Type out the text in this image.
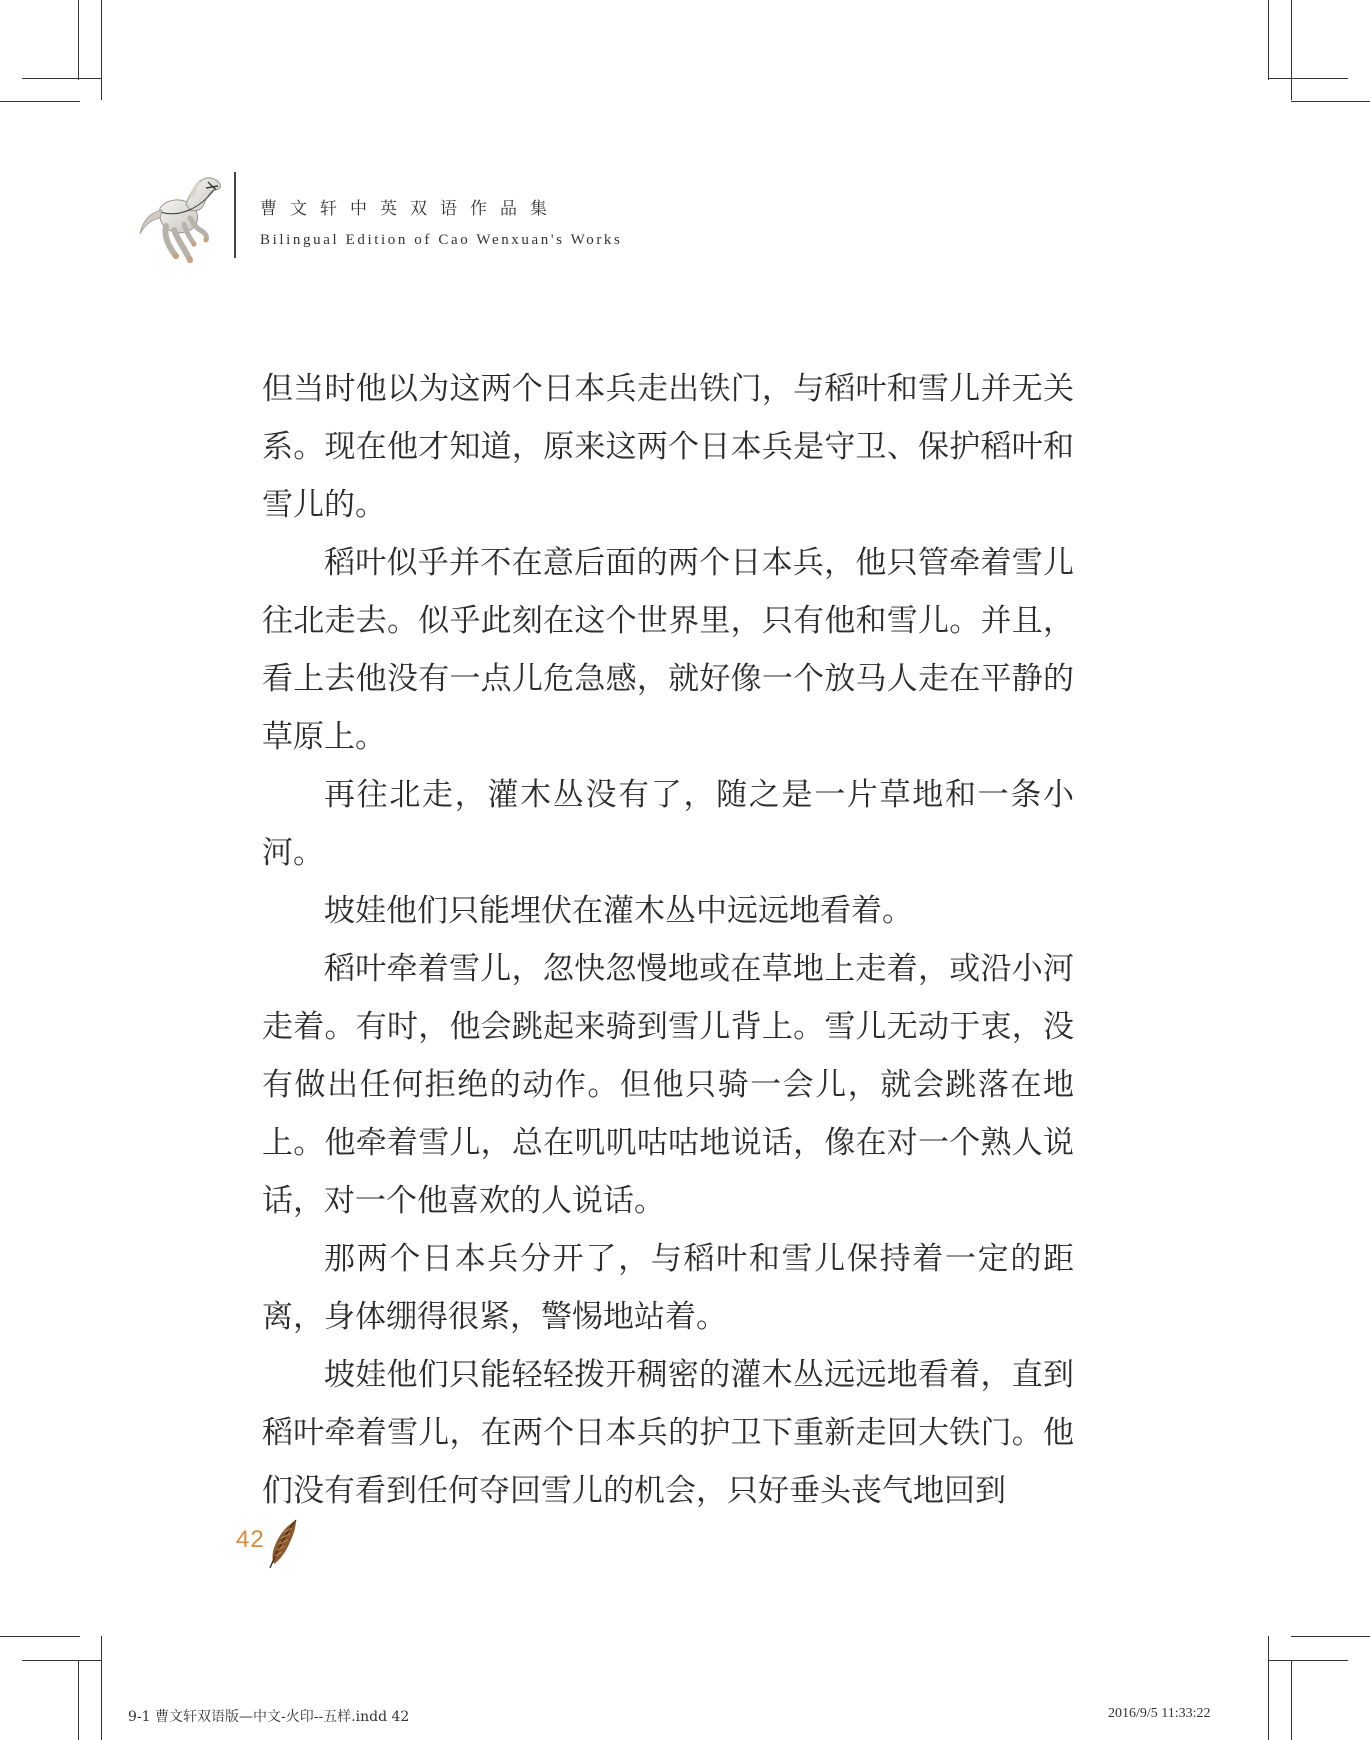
曹文轩中英双语作品集
Bilingual Edition of Cao Wenxuan's Works

但当时他以为这两个日本兵走出铁门，与稻叶和雪儿并无关系。现在他才知道，原来这两个日本兵是守卫、保护稻叶和雪儿的。

稻叶似乎并不在意后面的两个日本兵，他只管牵着雪儿往北走去。似乎此刻在这个世界里，只有他和雪儿。并且，看上去他没有一点儿危急感，就好像一个放马人走在平静的草原上。

再往北走，灌木丛没有了，随之是一片草地和一条小河。

坡娃他们只能埋伏在灌木丛中远远地看着。

稻叶牵着雪儿，忽快忽慢地或在草地上走着，或沿小河走着。有时，他会跳起来骑到雪儿背上。雪儿无动于衷，没有做出任何拒绝的动作。但他只骑一会儿，就会跳落在地上。他牵着雪儿，总在叽叽咕咕地说话，像在对一个熟人说话，对一个他喜欢的人说话。

那两个日本兵分开了，与稻叶和雪儿保持着一定的距离，身体绷得很紧，警惕地站着。

坡娃他们只能轻轻拨开稠密的灌木丛远远地看着，直到稻叶牵着雪儿，在两个日本兵的护卫下重新走回大铁门。他们没有看到任何夺回雪儿的机会，只好垂头丧气地回到

42
9-1 曹文轩双语版—中文-火印--五样.indd 42	2016/9/5 11:33:22
